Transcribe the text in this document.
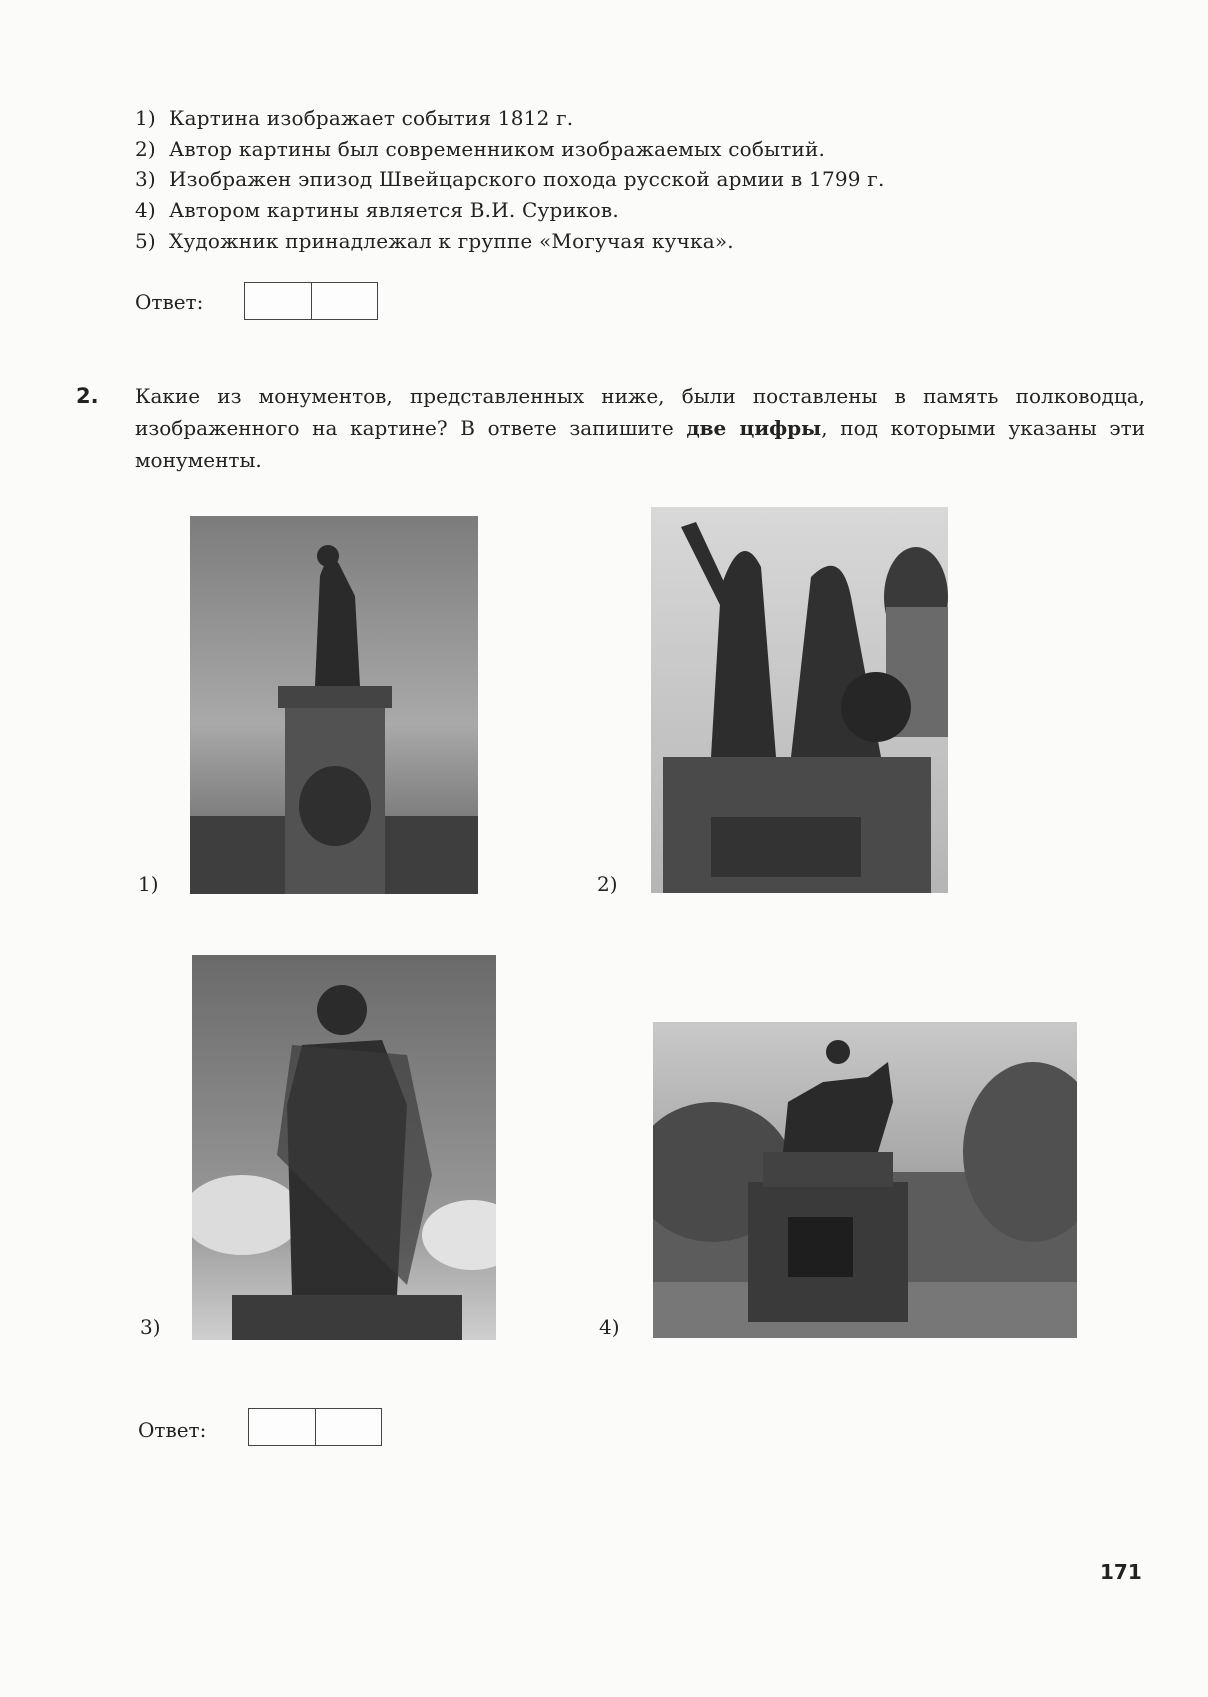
1) Картина изображает события 1812 г.
2) Автор картины был современником изображаемых событий.
3) Изображен эпизод Швейцарского похода русской армии в 1799 г.
4) Автором картины является В.И. Суриков.
5) Художник принадлежал к группе «Могучая кучка».
Ответ:
2. Какие из монументов, представленных ниже, были поставлены в память полководца, изображенного на картине? В ответе запишите две цифры, под которыми указаны эти монументы.
1)	2)
3)	4)
Ответ:
171
